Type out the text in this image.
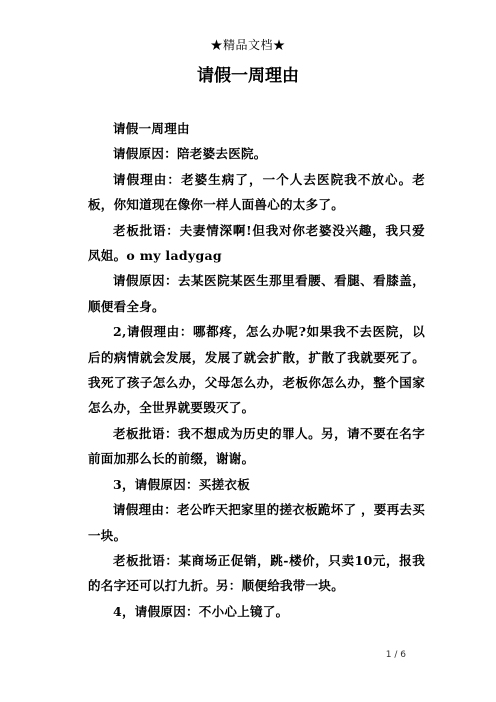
★精品文档★
请假一周理由

请假一周理由

请假原因：陪老婆去医院。

请假理由：老婆生病了，一个人去医院我不放心。老板，你知道现在像你一样人面兽心的太多了。

老板批语：夫妻情深啊!但我对你老婆没兴趣，我只爱凤姐。o my ladygag

请假原因：去某医院某医生那里看腰、看腿、看膝盖，顺便看全身。

2,请假理由：哪都疼，怎么办呢?如果我不去医院，以后的病情就会发展，发展了就会扩散，扩散了我就要死了。我死了孩子怎么办，父母怎么办，老板你怎么办，整个国家怎么办，全世界就要毁灭了。

老板批语：我不想成为历史的罪人。另，请不要在名字前面加那么长的前缀，谢谢。

3，请假原因：买搓衣板

请假理由：老公昨天把家里的搓衣板跪坏了 ，要再去买一块。

老板批语：某商场正促销，跳-楼价，只卖10元，报我的名字还可以打九折。另：顺便给我带一块。

4，请假原因：不小心上镜了。

1 / 6
